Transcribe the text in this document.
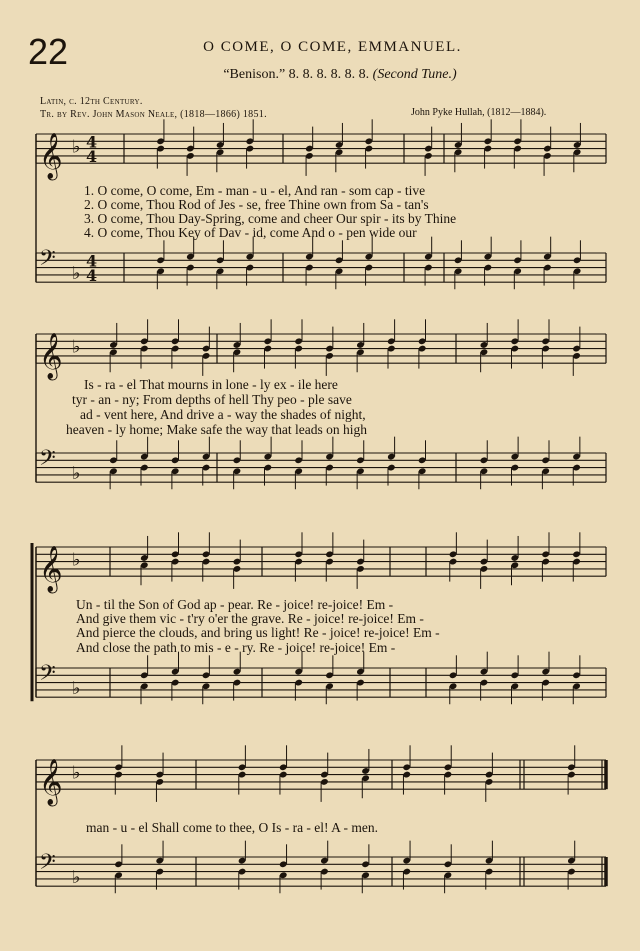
22	O COME, O COME, EMMANUEL.
“Benison.” 8. 8. 8. 8. 8. 8. (Second Tune.)
Latin, c. 12th Century.
Tr. by Rev. John Mason Neale, (1818—1866) 1851.	John Pyke Hullah, (1812—1884).
𝄞 ♭ 4
4
𝄢 ♭
4
4
𝄞 ♭
𝄢 ♭
𝄞 ♭
𝄢 ♭
𝄞 ♭
𝄢 ♭
1. O come, O come, Em - man - u - el, And ran - som cap - tive
2. O come, Thou Rod of Jes - se, free Thine own from Sa - tan's
3. O come, Thou Day-Spring, come and cheer Our spir - its by Thine
4. O come, Thou Key of Dav - id, come And o - pen wide our
Is - ra - el That mourns in lone - ly ex - ile here
tyr - an - ny; From depths of hell Thy peo - ple save
ad - vent here, And drive a - way the shades of night,
heaven - ly home; Make safe the way that leads on high
Un - til the Son of God ap - pear. Re - joice! re-joice! Em -
And give them vic - t'ry o'er the grave. Re - joice! re-joice! Em -
And pierce the clouds, and bring us light! Re - joice! re-joice! Em -
And close the path to mis - e - ry. Re - joice! re-joice! Em -
man - u - el Shall come to thee, O Is - ra - el! A - men.
